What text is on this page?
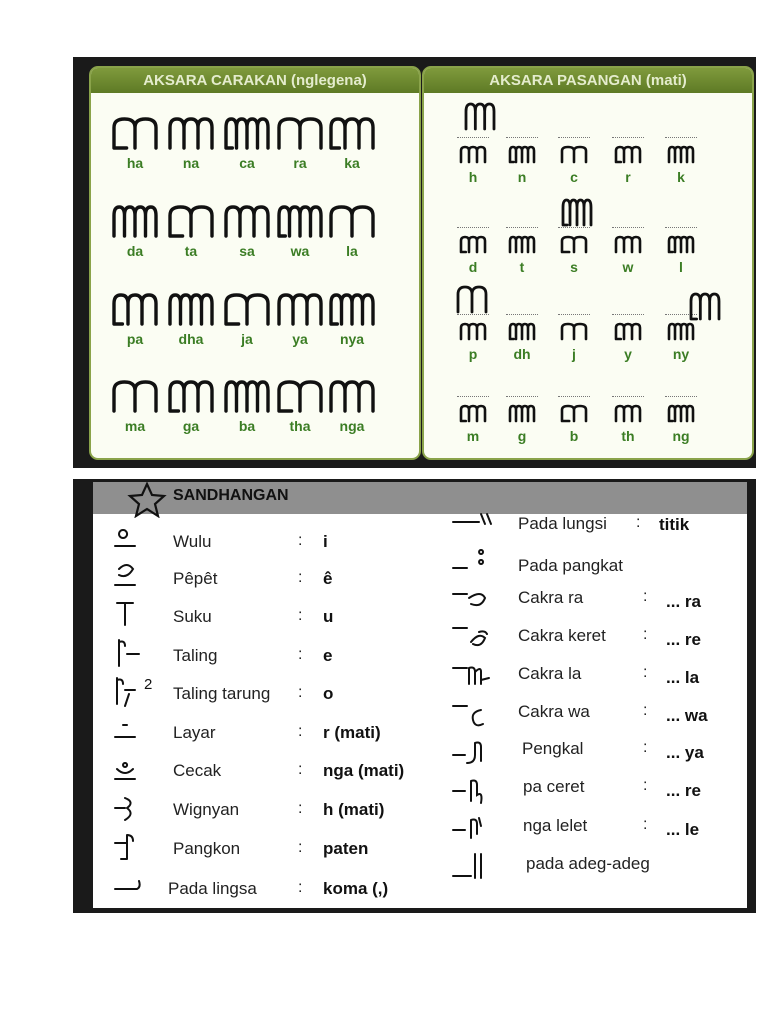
AKSARA CARAKAN (nglegena)	AKSARA PASANGAN (mati)
ha	na	ca	ra	ka
da	ta	sa	wa	la
pa	dha	ja	ya	nya
ma	ga	ba	tha	nga
h	n	c	r	k
d	t	s	w	l
p	dh	j	y	ny
m	g	b	th	ng
SANDHANGAN
Wulu	: i
Pêpêt	: ê
Suku	: u
Taling	: e
Taling tarung : o
Layar	: r (mati)
Cecak	: nga (mati)
Wignyan	: h (mati)
Pangkon	: paten
Pada lingsa	: koma (,)
2
Pada lungsi : titik
Pada pangkat
Cakra ra	: ... ra
Cakra keret : ... re
Cakra la	: ... la
Cakra wa	: ... wa
Pengkal	: ... ya
pa ceret	: ... re
nga lelet	: ... le
pada adeg-adeg
